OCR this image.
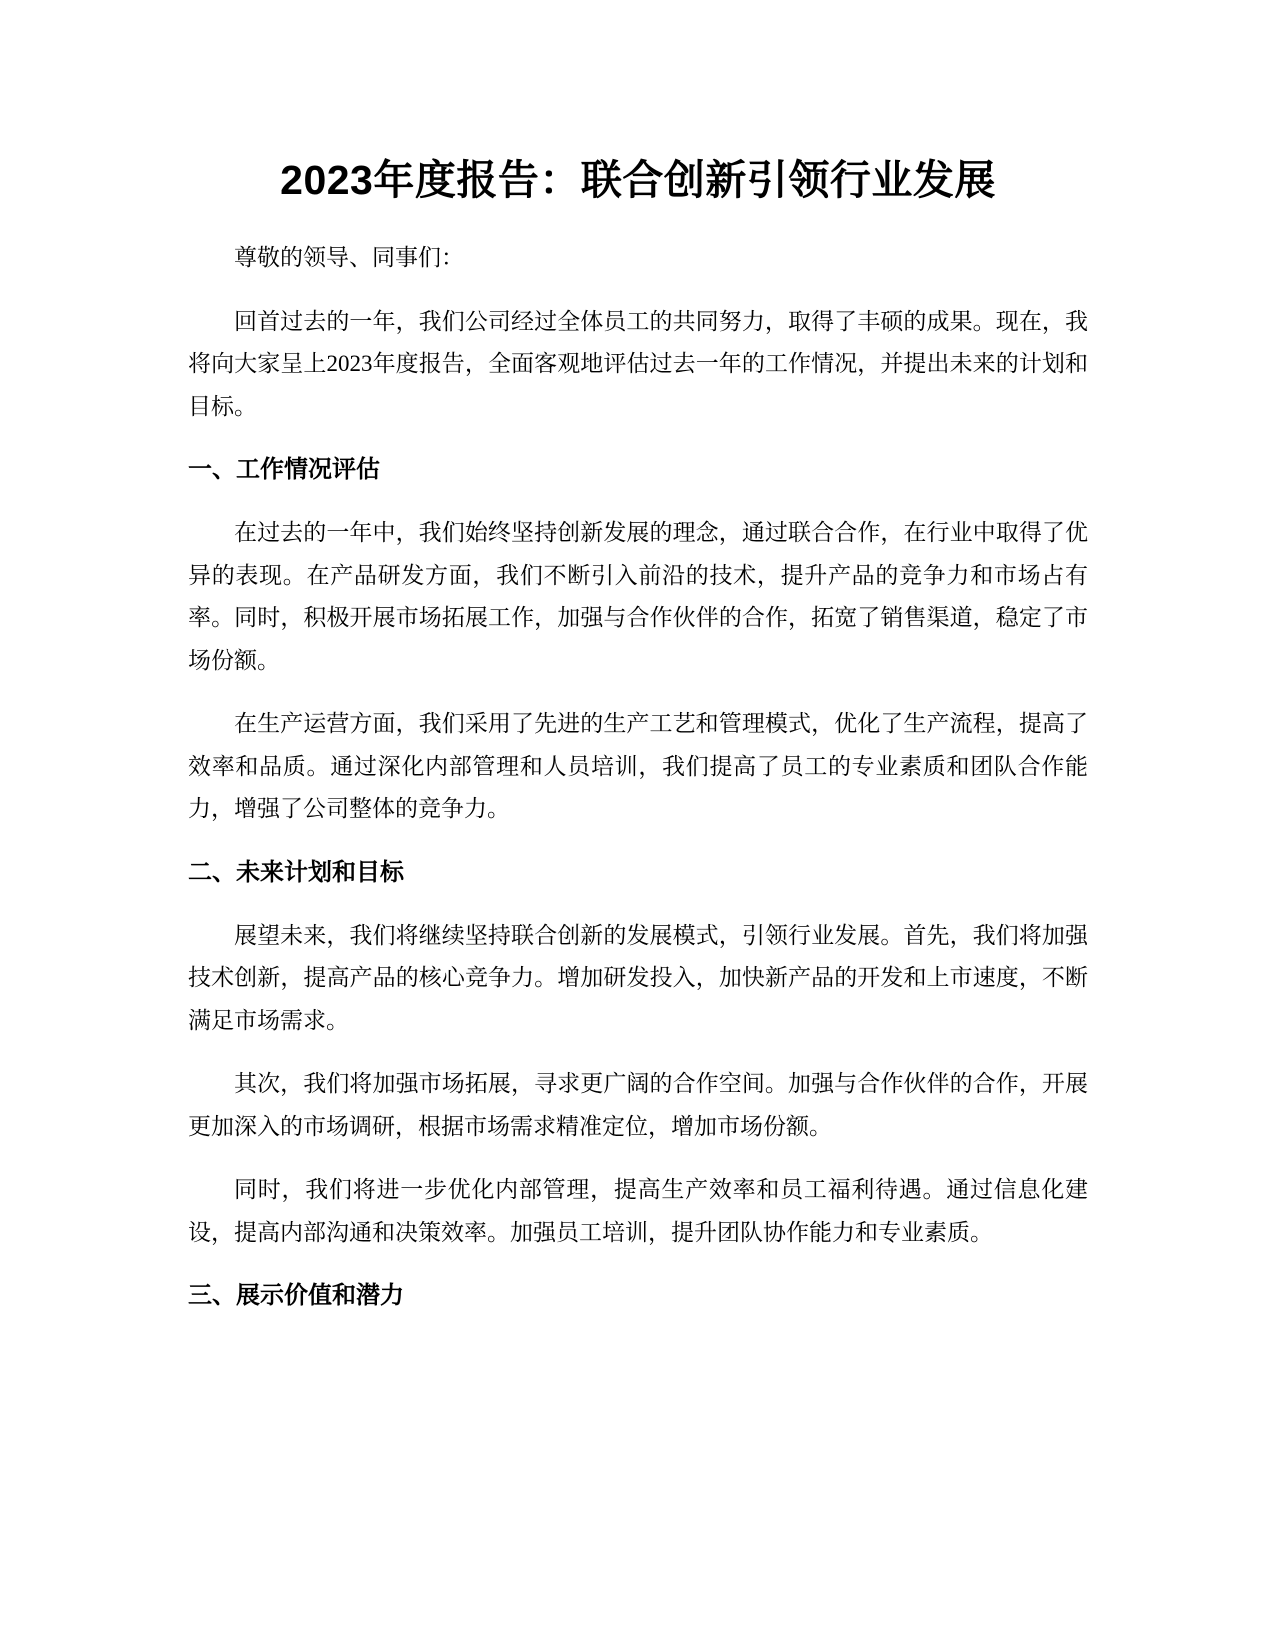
2023年度报告：联合创新引领行业发展

尊敬的领导、同事们：

回首过去的一年，我们公司经过全体员工的共同努力，取得了丰硕的成果。现在，我将向大家呈上2023年度报告，全面客观地评估过去一年的工作情况，并提出未来的计划和目标。

一、工作情况评估

在过去的一年中，我们始终坚持创新发展的理念，通过联合合作，在行业中取得了优异的表现。在产品研发方面，我们不断引入前沿的技术，提升产品的竞争力和市场占有率。同时，积极开展市场拓展工作，加强与合作伙伴的合作，拓宽了销售渠道，稳定了市场份额。

在生产运营方面，我们采用了先进的生产工艺和管理模式，优化了生产流程，提高了效率和品质。通过深化内部管理和人员培训，我们提高了员工的专业素质和团队合作能力，增强了公司整体的竞争力。

二、未来计划和目标

展望未来，我们将继续坚持联合创新的发展模式，引领行业发展。首先，我们将加强技术创新，提高产品的核心竞争力。增加研发投入，加快新产品的开发和上市速度，不断满足市场需求。

其次，我们将加强市场拓展，寻求更广阔的合作空间。加强与合作伙伴的合作，开展更加深入的市场调研，根据市场需求精准定位，增加市场份额。

同时，我们将进一步优化内部管理，提高生产效率和员工福利待遇。通过信息化建设，提高内部沟通和决策效率。加强员工培训，提升团队协作能力和专业素质。

三、展示价值和潜力
